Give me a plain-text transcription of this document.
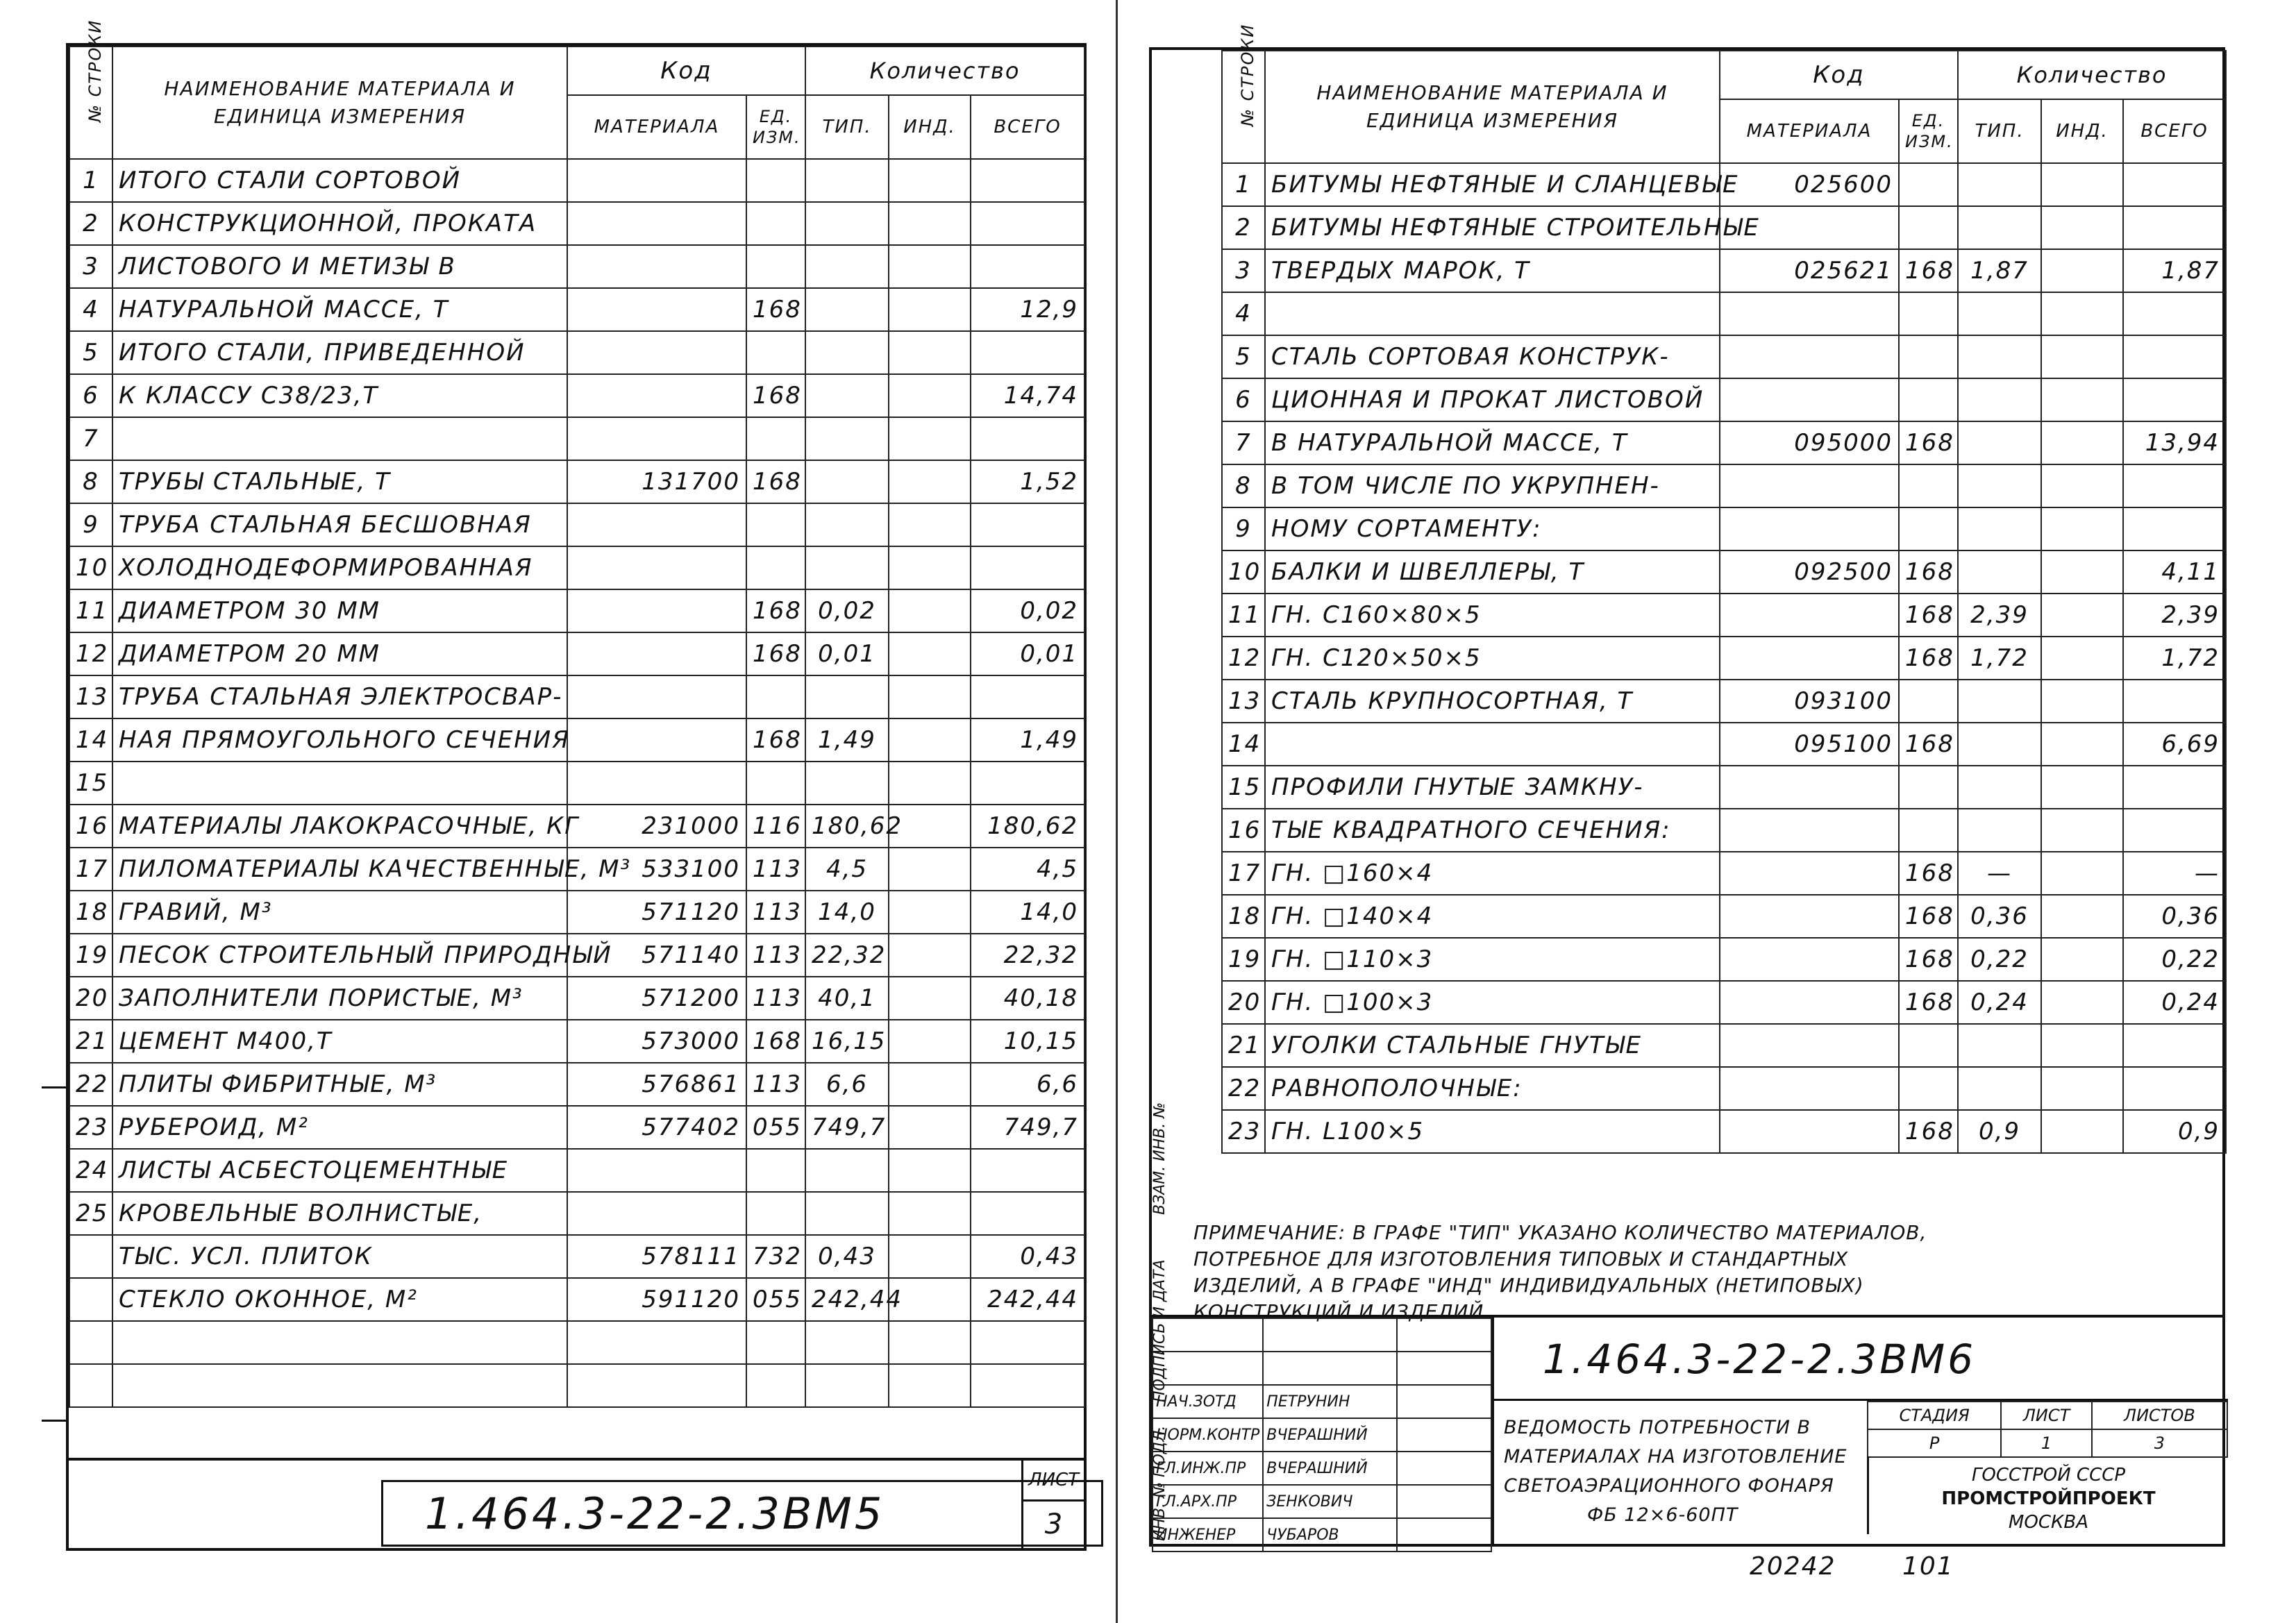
№ СТРОКИ	НАИМЕНОВАНИЕ МАТЕРИАЛА И ЕДИНИЦА ИЗМЕРЕНИЯ	Код		Количество		
		МАТЕРИАЛА	ЕД. ИЗМ.	ТИП.	ИНД.	ВСЕГО
1	ИТОГО СТАЛИ СОРТОВОЙ					
2	КОНСТРУКЦИОННОЙ, ПРОКАТА					
3	ЛИСТОВОГО И МЕТИЗЫ В					
4	НАТУРАЛЬНОЙ МАССЕ, Т		168			12,9
5	ИТОГО СТАЛИ, ПРИВЕДЕННОЙ					
6	К КЛАССУ С38/23,Т		168			14,74
7						
8	ТРУБЫ СТАЛЬНЫЕ, Т	131700	168			1,52
9	ТРУБА СТАЛЬНАЯ БЕСШОВНАЯ					
10	ХОЛОДНОДЕФОРМИРОВАННАЯ					
11	ДИАМЕТРОМ 30 ММ		168	0,02		0,02
12	ДИАМЕТРОМ 20 ММ		168	0,01		0,01
13	ТРУБА СТАЛЬНАЯ ЭЛЕКТРОСВАР-					
14	НАЯ ПРЯМОУГОЛЬНОГО СЕЧЕНИЯ		168	1,49		1,49
15						
16	МАТЕРИАЛЫ ЛАКОКРАСОЧНЫЕ, КГ	231000	116	180,62		180,62
17	ПИЛОМАТЕРИАЛЫ КАЧЕСТВЕННЫЕ, М³	533100	113	4,5		4,5
18	ГРАВИЙ, М³	571120	113	14,0		14,0
19	ПЕСОК СТРОИТЕЛЬНЫЙ ПРИРОДНЫЙ	571140	113	22,32		22,32
20	ЗАПОЛНИТЕЛИ ПОРИСТЫЕ, М³	571200	113	40,1		40,18
21	ЦЕМЕНТ М400,Т	573000	168	16,15		10,15
22	ПЛИТЫ ФИБРИТНЫЕ, М³	576861	113	6,6		6,6
23	РУБЕРОИД, М²	577402	055	749,7		749,7
24	ЛИСТЫ АСБЕСТОЦЕМЕНТНЫЕ					
25	КРОВЕЛЬНЫЕ ВОЛНИСТЫЕ,					
	ТЫС. УСЛ. ПЛИТОК	578111	732	0,43		0,43
	СТЕКЛО ОКОННОЕ, М²	591120	055	242,44		242,44

1.464.3-22-2.3ВМ5
ЛИСТ
3
№ СТРОКИ	НАИМЕНОВАНИЕ МАТЕРИАЛА И ЕДИНИЦА ИЗМЕРЕНИЯ	Код		Количество		
		МАТЕРИАЛА	ЕД. ИЗМ.	ТИП.	ИНД.	ВСЕГО
1	БИТУМЫ НЕФТЯНЫЕ И СЛАНЦЕВЫЕ	025600				
2	БИТУМЫ НЕФТЯНЫЕ СТРОИТЕЛЬНЫЕ					
3	ТВЕРДЫХ МАРОК, Т	025621	168	1,87		1,87
4						
5	СТАЛЬ СОРТОВАЯ КОНСТРУК-					
6	ЦИОННАЯ И ПРОКАТ ЛИСТОВОЙ					
7	В НАТУРАЛЬНОЙ МАССЕ, Т	095000	168			13,94
8	В ТОМ ЧИСЛЕ ПО УКРУПНЕН-					
9	НОМУ СОРТАМЕНТУ:					
10	БАЛКИ И ШВЕЛЛЕРЫ, Т	092500	168			4,11
11	ГН. С160×80×5		168	2,39		2,39
12	ГН. С120×50×5		168	1,72		1,72
13	СТАЛЬ КРУПНОСОРТНАЯ, Т	093100				
14		095100	168			6,69
15	ПРОФИЛИ ГНУТЫЕ ЗАМКНУ-					
16	ТЫЕ КВАДРАТНОГО СЕЧЕНИЯ:					
17	ГН. □160×4		168	—		—
18	ГН. □140×4		168	0,36		0,36
19	ГН. □110×3		168	0,22		0,22
20	ГН. □100×3		168	0,24		0,24
21	УГОЛКИ СТАЛЬНЫЕ ГНУТЫЕ					
22	РАВНОПОЛОЧНЫЕ:					
23	ГН. L100×5		168	0,9		0,9
ПРИМЕЧАНИЕ: В ГРАФЕ "ТИП" УКАЗАНО КОЛИЧЕСТВО МАТЕРИАЛОВ, ПОТРЕБНОЕ ДЛЯ ИЗГОТОВЛЕНИЯ ТИПОВЫХ И СТАНДАРТНЫХ ИЗДЕЛИЙ, А В ГРАФЕ "ИНД" ИНДИВИДУАЛЬНЫХ (НЕТИПОВЫХ) КОНСТРУКЦИЙ И ИЗДЕЛИЙ.

НАЧ.ЗОТД	ПЕТРУНИН	
НОРМ.КОНТР	ВЧЕРАШНИЙ	
ГЛ.ИНЖ.ПР	ВЧЕРАШНИЙ	
ГЛ.АРХ.ПР	ЗЕНКОВИЧ	
ИНЖЕНЕР	ЧУБАРОВ	
1.464.3-22-2.3ВМ6
ВЕДОМОСТЬ ПОТРЕБНОСТИ В
МАТЕРИАЛАХ НА ИЗГОТОВЛЕНИЕ
СВЕТОАЭРАЦИОННОГО ФОНАРЯ
ФБ 12×6-60ПТ
СТАДИЯ	ЛИСТ	ЛИСТОВ
Р	1	3
ГОССТРОЙ СССР
ПРОМСТРОЙПРОЕКТ
МОСКВА
ИНВ. № ПОДЛ.
ПОДПИСЬ И ДАТА
ВЗАМ. ИНВ. №
20242	101
